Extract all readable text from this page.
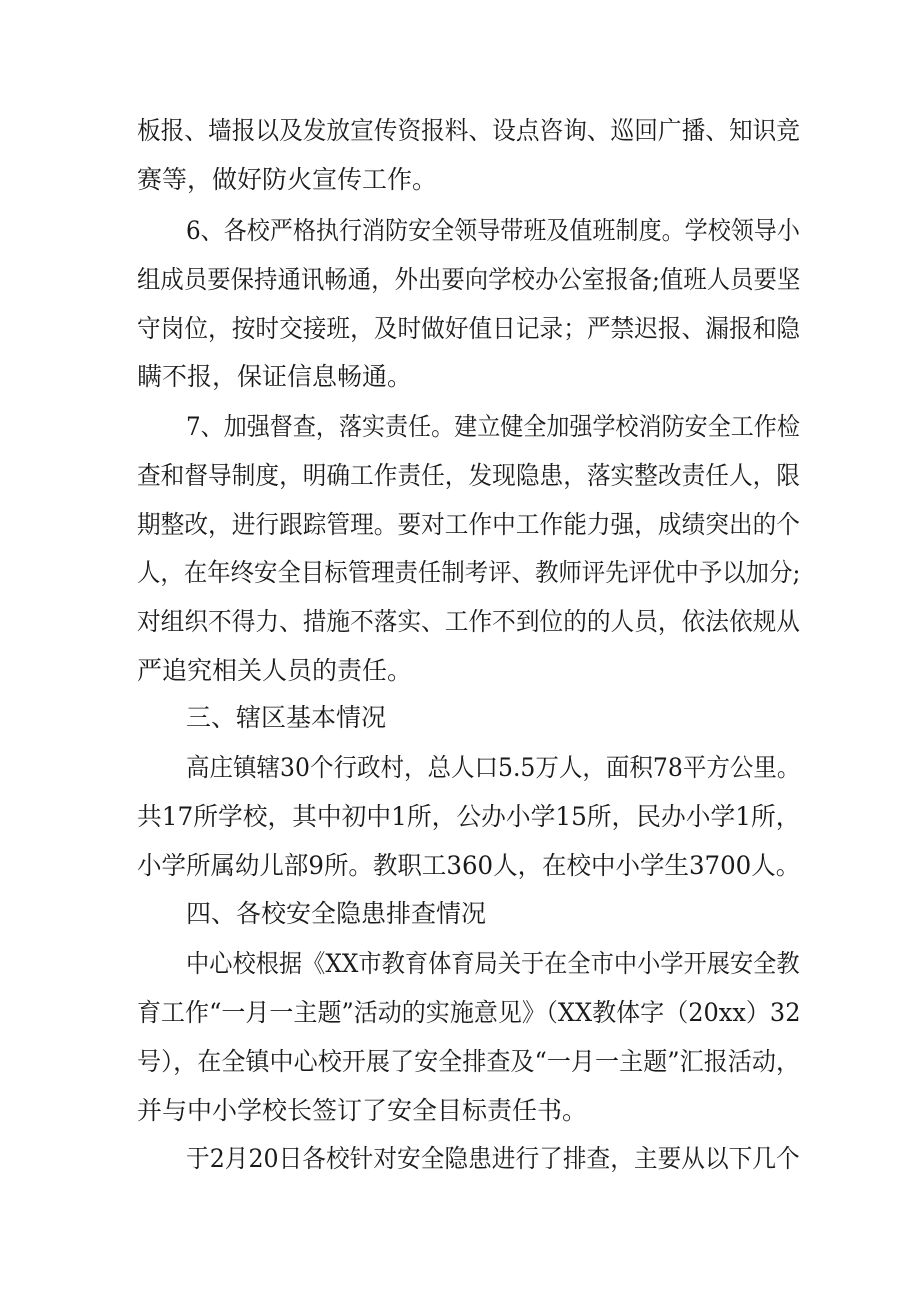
板报、墙报以及发放宣传资报料、设点咨询、巡回广播、知识竞
赛等，做好防火宣传工作。
6、各校严格执行消防安全领导带班及值班制度。学校领导小
组成员要保持通讯畅通，外出要向学校办公室报备;值班人员要坚
守岗位，按时交接班，及时做好值日记录；严禁迟报、漏报和隐
瞒不报，保证信息畅通。
7、加强督查，落实责任。建立健全加强学校消防安全工作检
查和督导制度，明确工作责任，发现隐患，落实整改责任人，限
期整改，进行跟踪管理。要对工作中工作能力强，成绩突出的个
人，在年终安全目标管理责任制考评、教师评先评优中予以加分;
对组织不得力、措施不落实、工作不到位的的人员，依法依规从
严追究相关人员的责任。
三、辖区基本情况
高庄镇辖30个行政村，总人口5.5万人，面积78平方公里。
共17所学校，其中初中1所，公办小学15所，民办小学1所，
小学所属幼儿部9所。教职工360人，在校中小学生3700人。
四、各校安全隐患排查情况
中心校根据《XX市教育体育局关于在全市中小学开展安全教
育工作“一月一主题”活动的实施意见》（XX教体字（20xx）32
号），在全镇中心校开展了安全排查及“一月一主题”汇报活动，
并与中小学校长签订了安全目标责任书。
于2月20日各校针对安全隐患进行了排查，主要从以下几个
